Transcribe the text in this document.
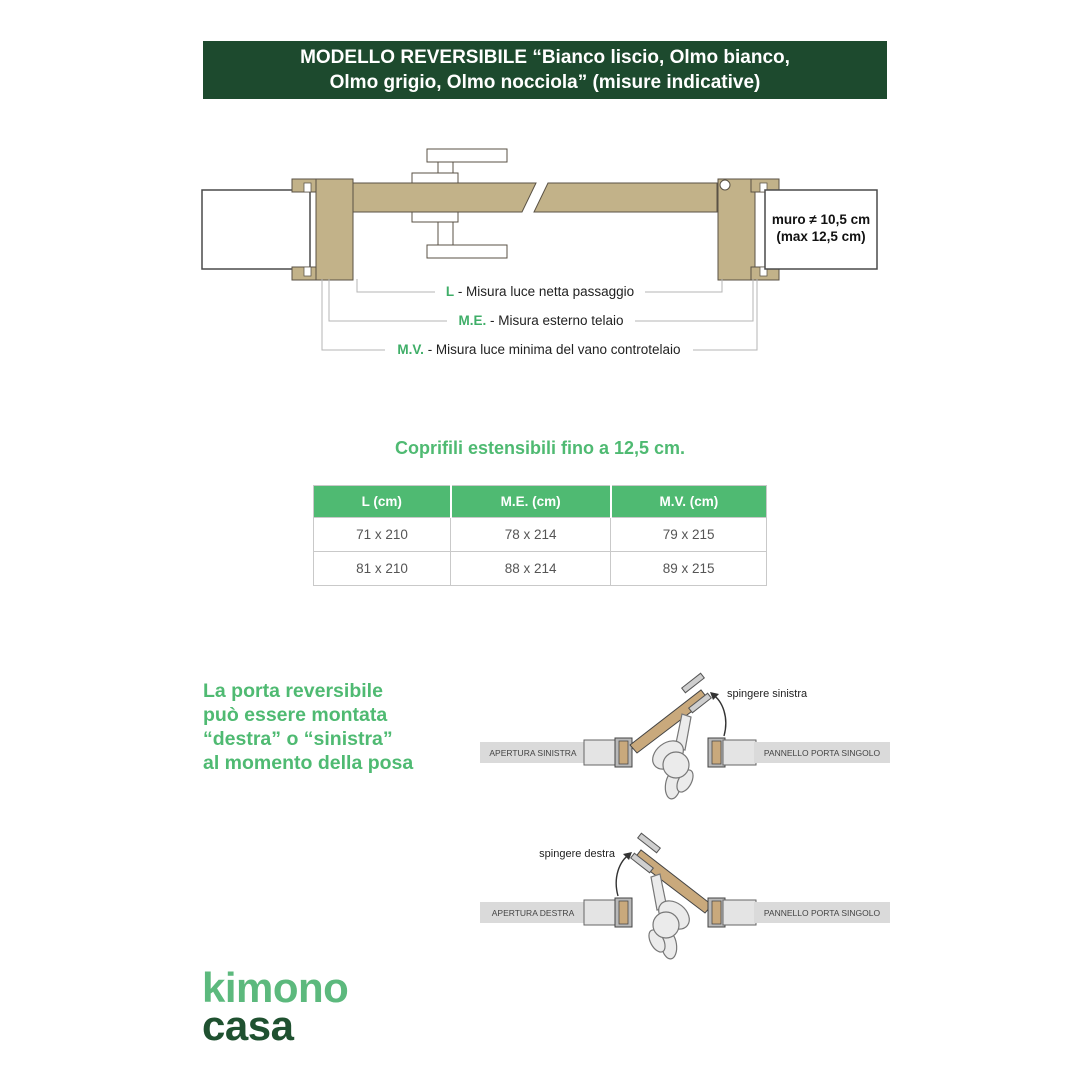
MODELLO REVERSIBILE “Bianco liscio, Olmo bianco,
Olmo grigio, Olmo nocciola” (misure indicative)
muro ≠ 10,5 cm
(max 12,5 cm)
L - Misura luce netta passaggio
M.E. - Misura esterno telaio
M.V. - Misura luce minima del vano controtelaio
Coprifili estensibili fino a 12,5 cm.
L (cm)	M.E. (cm)	M.V. (cm)
71 x 210	78 x 214	79 x 215
81 x 210	88 x 214	89 x 215
La porta reversibile
può essere montata
“destra” o “sinistra”
al momento della posa	APERTURA SINISTRA	PANNELLO PORTA SINGOLO
spingere sinistra
APERTURA DESTRA	PANNELLO PORTA SINGOLO
spingere destra
kimono
casa
